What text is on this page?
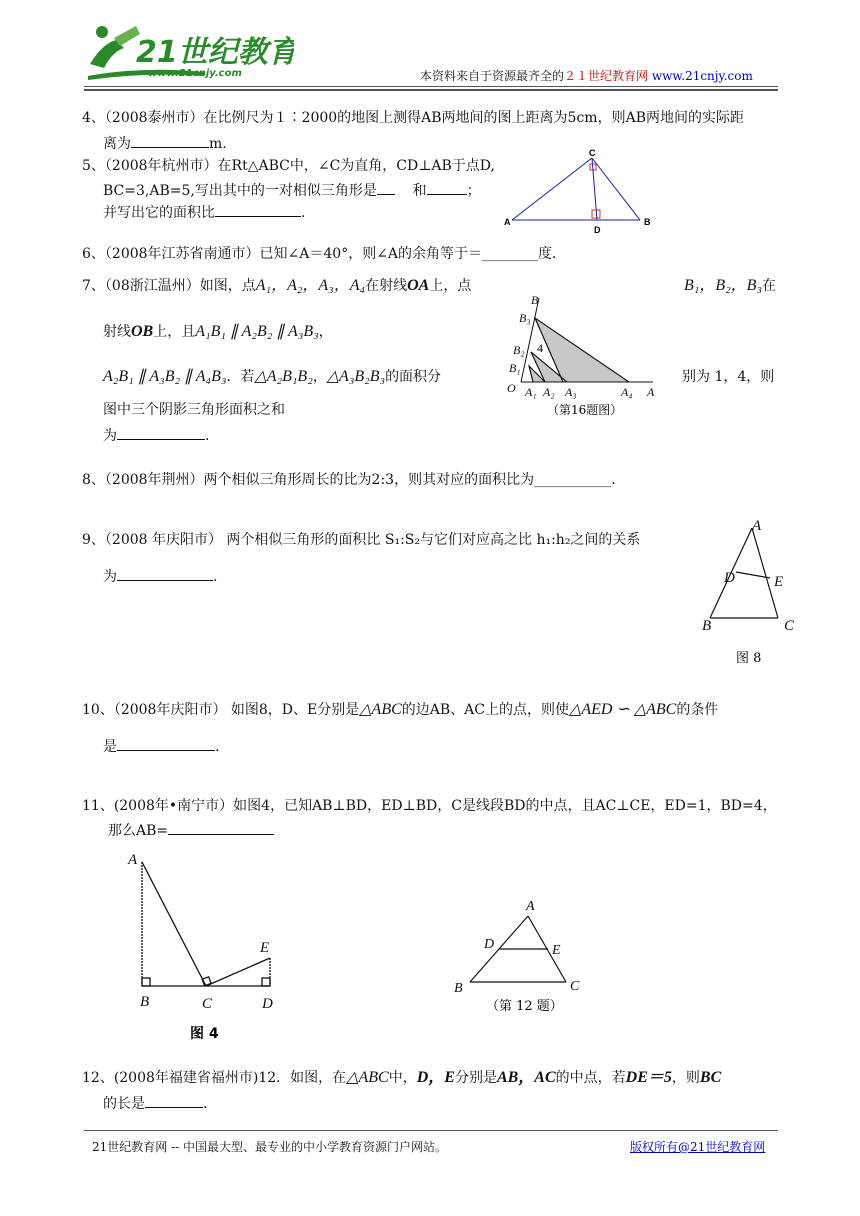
21世纪教育
www.21cnjy.com	本资料来自于资源最齐全的２１世纪教育网 www.21cnjy.com
4、（2008泰州市）在比例尺为１∶2000的地图上测得AB两地间的图上距离为5cm，则AB两地间的实际距
离为	m.
5、（2008年杭州市）在Rt△ABC中，∠C为直角，CD⊥AB于点D,
BC=3,AB=5,写出其中的一对相似三角形是	和	；
并写出它的面积比	.
C
A
D
B
6、（2008年江苏省南通市）已知∠A＝40°，则∠A的余角等于＝________度.
7、（08浙江温州）如图，点A₁，A₂，A₃，A₄在射线OA上，点	B₁，B₂，B₃在
射线OB上，且A₁B₁ ∥ A₂B₂ ∥ A₃B₃，
A₂B₁ ∥ A₃B₂ ∥ A₄B₃．若△A₂B₁B₂，△A₃B₂B₃的面积分	别为 1，4，则
图中三个阴影三角形面积之和
为	.
B
B₃
B₂
B₁
O A₁ A₂ A₃	A₄ A
4
（第16题图）
8、（2008年荆州）两个相似三角形周长的比为2:3，则其对应的面积比为___________.
9、（2008 年庆阳市） 两个相似三角形的面积比 S₁:S₂与它们对应高之比 h₁:h₂之间的关系
为	.
A
D	E
B	C
图 8
10、（2008年庆阳市） 如图8，D、E分别是△ABC的边AB、AC上的点，则使△AED ∽ △ABC的条件
是	.
11、(2008年•南宁市）如图4，已知AB⊥BD，ED⊥BD，C是线段BD的中点，且AC⊥CE，ED=1，BD=4，
那么AB=
A
E
B	C	D
图 4
A
D	E
B	C
（第 12 题）
12、(2008年福建省福州市)12．如图，在△ABC中，D，E分别是AB，AC的中点，若DE＝5，则BC
的长是	.
21世纪教育网 -- 中国最大型、最专业的中小学教育资源门户网站。	版权所有@21世纪教育网
